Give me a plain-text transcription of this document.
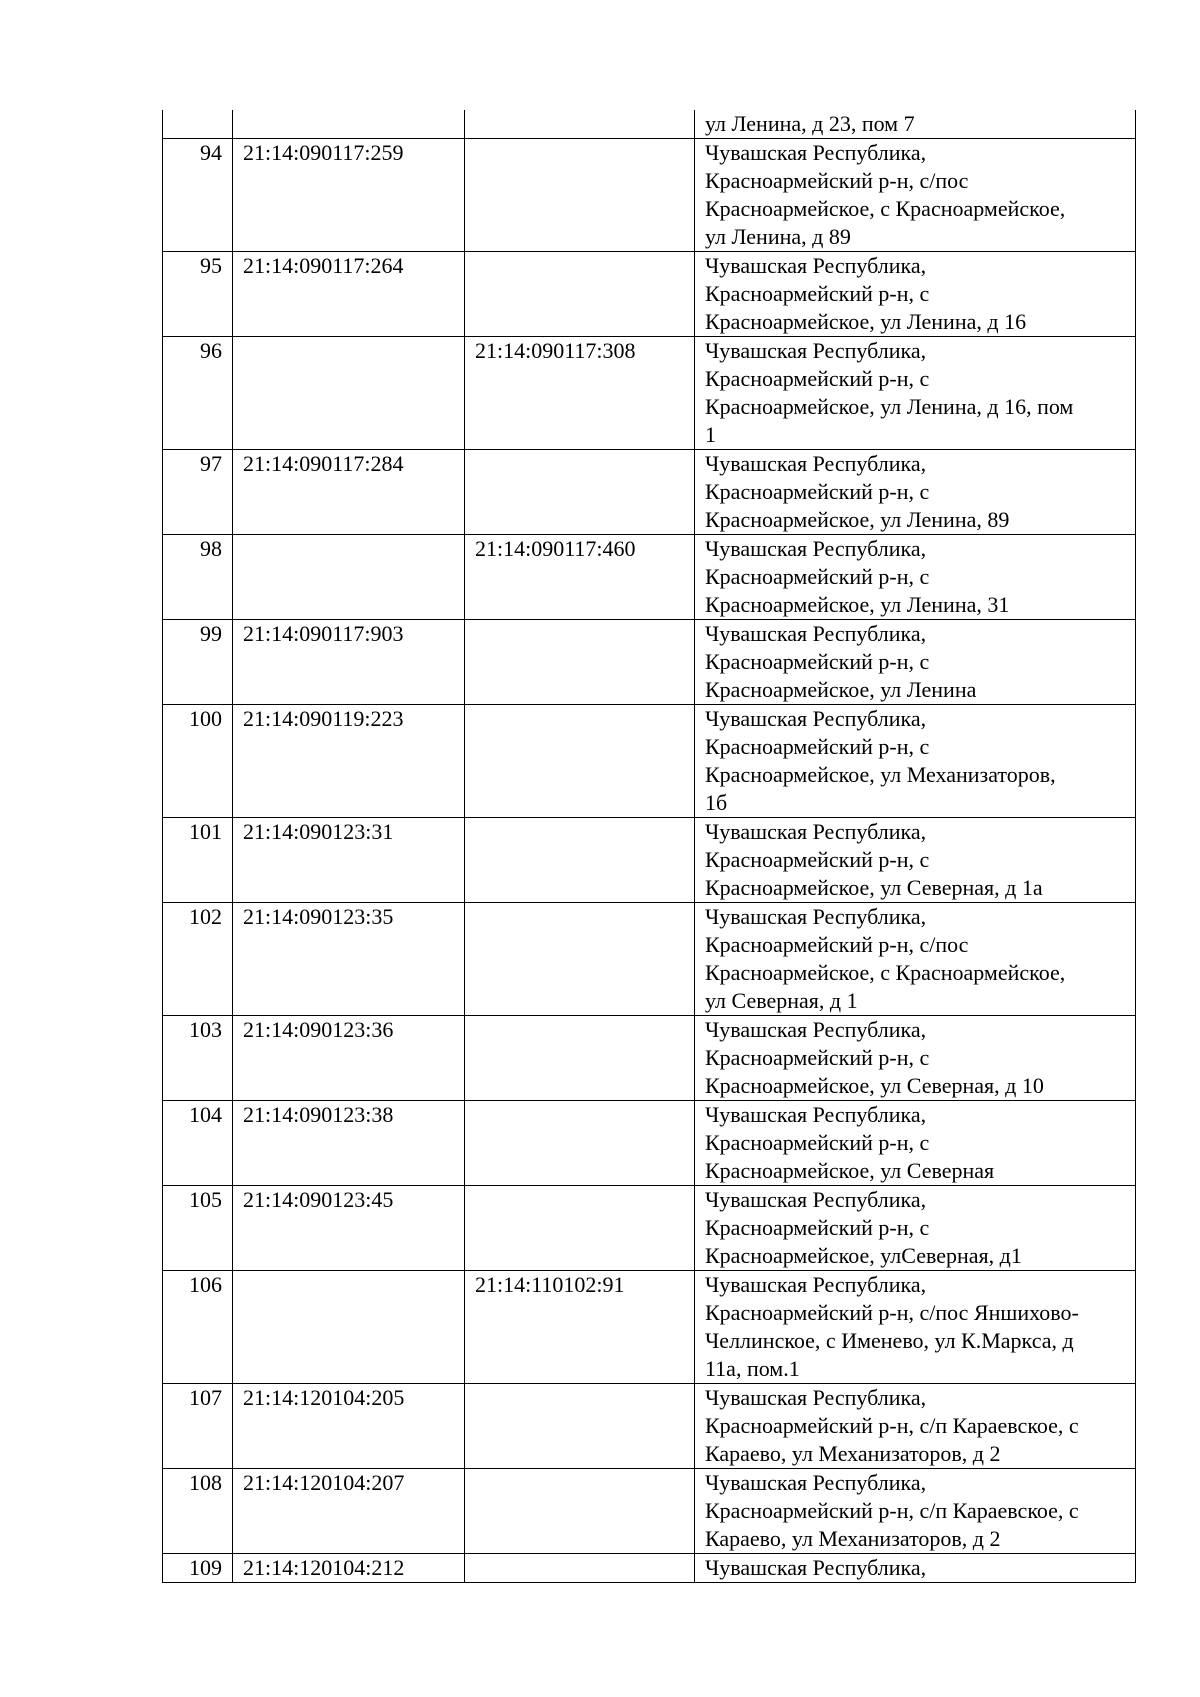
			ул Ленина, д 23, пом 7
94	21:14:090117:259		Чувашская Республика,
Красноармейский р-н, с/пос
Красноармейское, с Красноармейское,
ул Ленина, д 89
95	21:14:090117:264		Чувашская Республика,
Красноармейский р-н, с
Красноармейское, ул Ленина, д 16
96		21:14:090117:308	Чувашская Республика,
Красноармейский р-н, с
Красноармейское, ул Ленина, д 16, пом
1
97	21:14:090117:284		Чувашская Республика,
Красноармейский р-н, с
Красноармейское, ул Ленина, 89
98		21:14:090117:460	Чувашская Республика,
Красноармейский р-н, с
Красноармейское, ул Ленина, 31
99	21:14:090117:903		Чувашская Республика,
Красноармейский р-н, с
Красноармейское, ул Ленина
100	21:14:090119:223		Чувашская Республика,
Красноармейский р-н, с
Красноармейское, ул Механизаторов,
1б
101	21:14:090123:31		Чувашская Республика,
Красноармейский р-н, с
Красноармейское, ул Северная, д 1а
102	21:14:090123:35		Чувашская Республика,
Красноармейский р-н, с/пос
Красноармейское, с Красноармейское,
ул Северная, д 1
103	21:14:090123:36		Чувашская Республика,
Красноармейский р-н, с
Красноармейское, ул Северная, д 10
104	21:14:090123:38		Чувашская Республика,
Красноармейский р-н, с
Красноармейское, ул Северная
105	21:14:090123:45		Чувашская Республика,
Красноармейский р-н, с
Красноармейское, улСеверная, д1
106		21:14:110102:91	Чувашская Республика,
Красноармейский р-н, с/пос Яншихово-
Челлинское, с Именево, ул К.Маркса, д
11а, пом.1
107	21:14:120104:205		Чувашская Республика,
Красноармейский р-н, с/п Караевское, с
Караево, ул Механизаторов, д 2
108	21:14:120104:207		Чувашская Республика,
Красноармейский р-н, с/п Караевское, с
Караево, ул Механизаторов, д 2
109	21:14:120104:212		Чувашская Республика,
